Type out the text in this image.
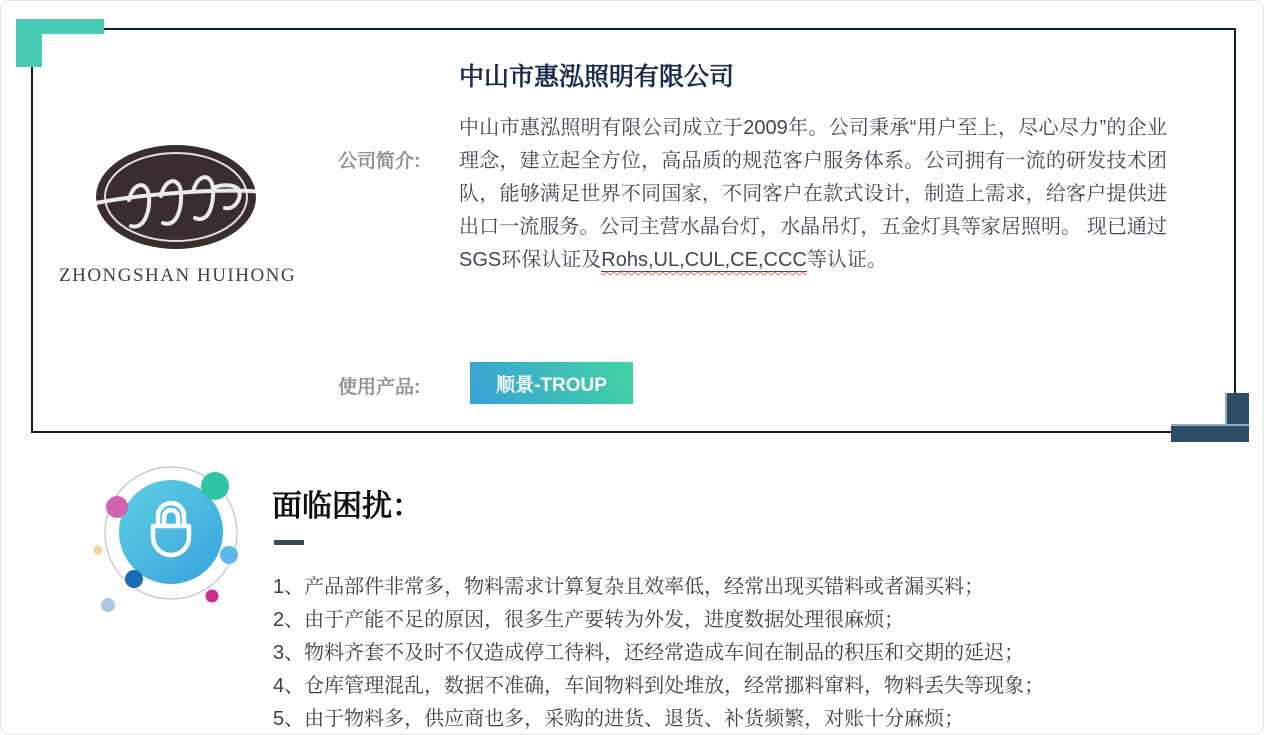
ZHONGSHAN HUIHONG
公司简介:
中山市惠泓照明有限公司

中山市惠泓照明有限公司成立于2009年。公司秉承“用户至上，尽心尽力”的企业理念，建立起全方位，高品质的规范客户服务体系。公司拥有一流的研发技术团队，能够满足世界不同国家，不同客户在款式设计，制造上需求，给客户提供进出口一流服务。公司主营水晶台灯，水晶吊灯，五金灯具等家居照明。 现已通过SGS环保认证及Rohs,UL,CUL,CE,CCC等认证。

使用产品:	顺景-TROUP
面临困扰：
1、产品部件非常多，物料需求计算复杂且效率低，经常出现买错料或者漏买料；
2、由于产能不足的原因，很多生产要转为外发，进度数据处理很麻烦；
3、物料齐套不及时不仅造成停工待料，还经常造成车间在制品的积压和交期的延迟；
4、仓库管理混乱，数据不准确，车间物料到处堆放，经常挪料窜料，物料丢失等现象；
5、由于物料多，供应商也多，采购的进货、退货、补货频繁，对账十分麻烦；
